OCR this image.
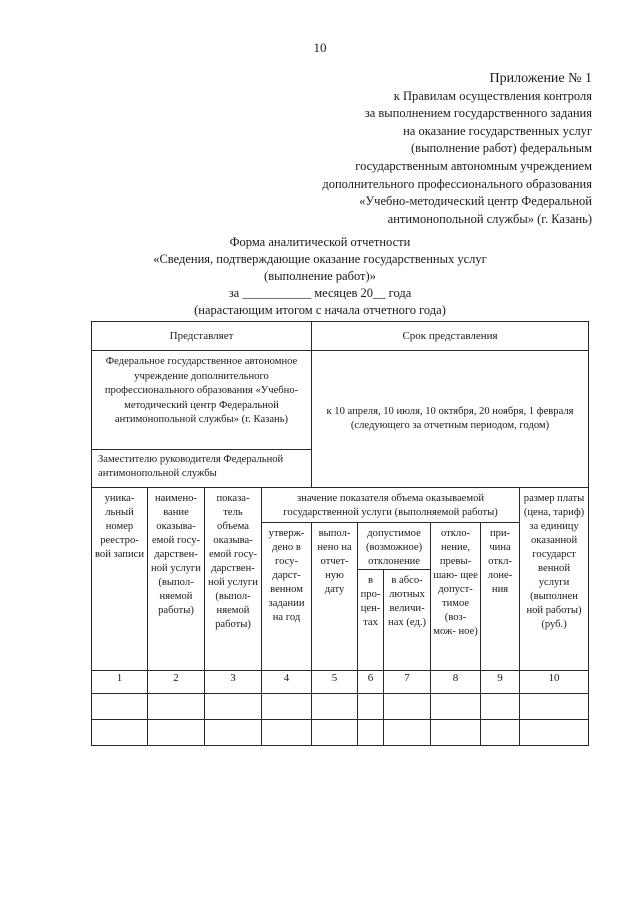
10
Приложение № 1
к Правилам осуществления контроля
за выполнением государственного задания
на оказание государственных услуг
(выполнение работ) федеральным
государственным автономным учреждением
дополнительного профессионального образования
«Учебно-методический центр Федеральной
антимонопольной службы» (г. Казань)
Форма аналитической отчетности
«Сведения, подтверждающие оказание государственных услуг
(выполнение работ)»
за ___________ месяцев 20__ года
(нарастающим итогом с начала отчетного года)
Представляет				Срок представления					
Федеральное государственное автономное учреждение дополнительного профессионального образования «Учебно-методический центр Федеральной антимонопольной службы» (г. Казань)				к 10 апреля, 10 июля, 10 октября, 20 ноября, 1 февраля (следующего за отчетным периодом, годом)					
Заместителю руководителя Федеральной антимонопольной службы									
уника- льный номер реестро- вой записи	наимено- вание оказыва- емой госу- дарствен- ной услуги (выпол- няемой работы)	показа- тель объема оказыва- емой госу- дарствен- ной услуги (выпол- няемой работы)	значение показателя объема оказываемой государственной услуги (выполняемой работы)						размер платы (цена, тариф) за единицу оказанной государст венной услуги (выполнен ной работы) (руб.)
			утверж- дено в госу- дарст- венном задании на год	выпол- нено на отчет- ную дату	допустимое (возможное) отклонение		откло- нение, превы- шаю- щее допуст- тимое (воз- мож- ное)	при- чина откл- лоне- ния	
					в про- цен- тах	в абсо- лютных величи- нах (ед.)			
1	2	3	4	5	6	7	8	9	10
